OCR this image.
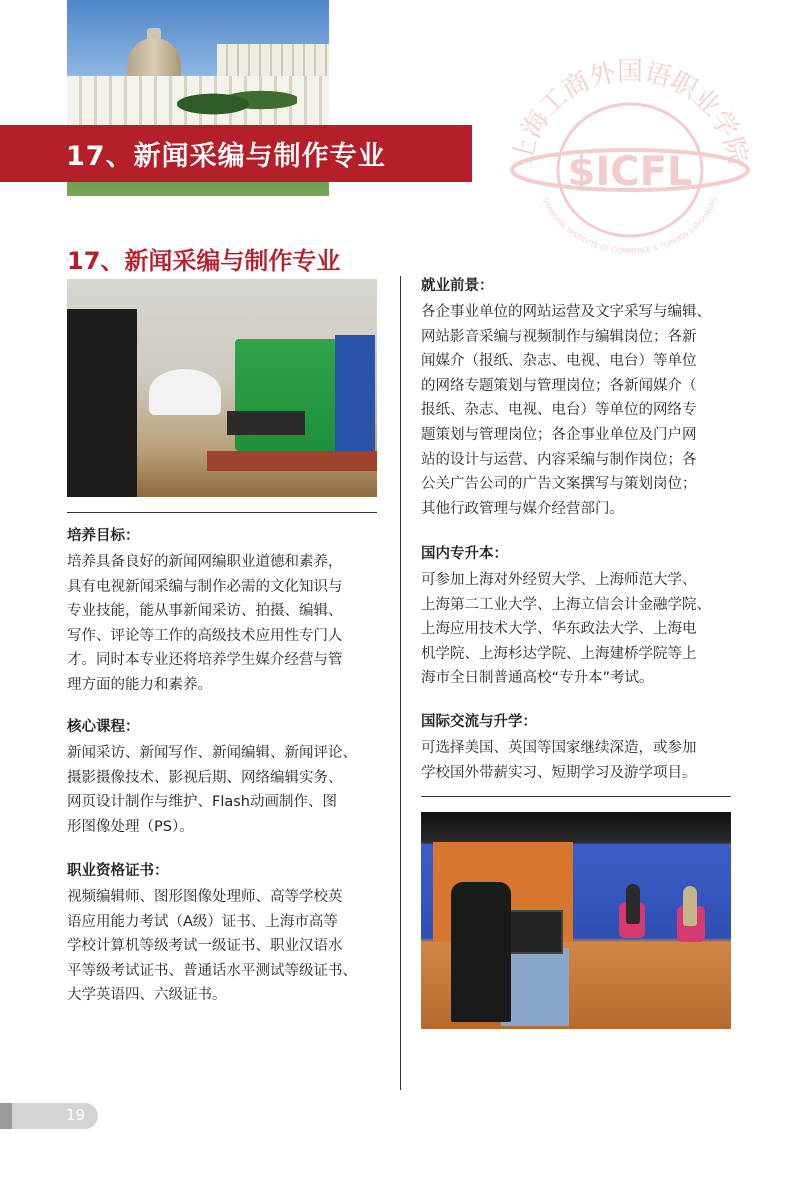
17、新闻采编与制作专业	上海工商外国语职业学院
$ICFL
SHANGHAI INSTITUTE OF COMMERCE & FOREIGN LANGUAGES
17、新闻采编与制作专业
培养目标：

培养具备良好的新闻网编职业道德和素养，
具有电视新闻采编与制作必需的文化知识与
专业技能，能从事新闻采访、拍摄、编辑、
写作、评论等工作的高级技术应用性专门人
才。同时本专业还将培养学生媒介经营与管
理方面的能力和素养。

核心课程：

新闻采访、新闻写作、新闻编辑、新闻评论、
摄影摄像技术、影视后期、网络编辑实务、
网页设计制作与维护、Flash动画制作、图
形图像处理（PS）。

职业资格证书：

视频编辑师、图形图像处理师、高等学校英
语应用能力考试（A级）证书、上海市高等
学校计算机等级考试一级证书、职业汉语水
平等级考试证书、普通话水平测试等级证书、
大学英语四、六级证书。

就业前景：

各企事业单位的网站运营及文字采写与编辑、
网站影音采编与视频制作与编辑岗位；各新
闻媒介（报纸、杂志、电视、电台）等单位
的网络专题策划与管理岗位；各新闻媒介（
报纸、杂志、电视、电台）等单位的网络专
题策划与管理岗位；各企事业单位及门户网
站的设计与运营、内容采编与制作岗位；各
公关广告公司的广告文案撰写与策划岗位；
其他行政管理与媒介经营部门。

国内专升本：

可参加上海对外经贸大学、上海师范大学、
上海第二工业大学、上海立信会计金融学院、
上海应用技术大学、华东政法大学、上海电
机学院、上海杉达学院、上海建桥学院等上
海市全日制普通高校“专升本”考试。

国际交流与升学：

可选择美国、英国等国家继续深造，或参加
学校国外带薪实习、短期学习及游学项目。

19
